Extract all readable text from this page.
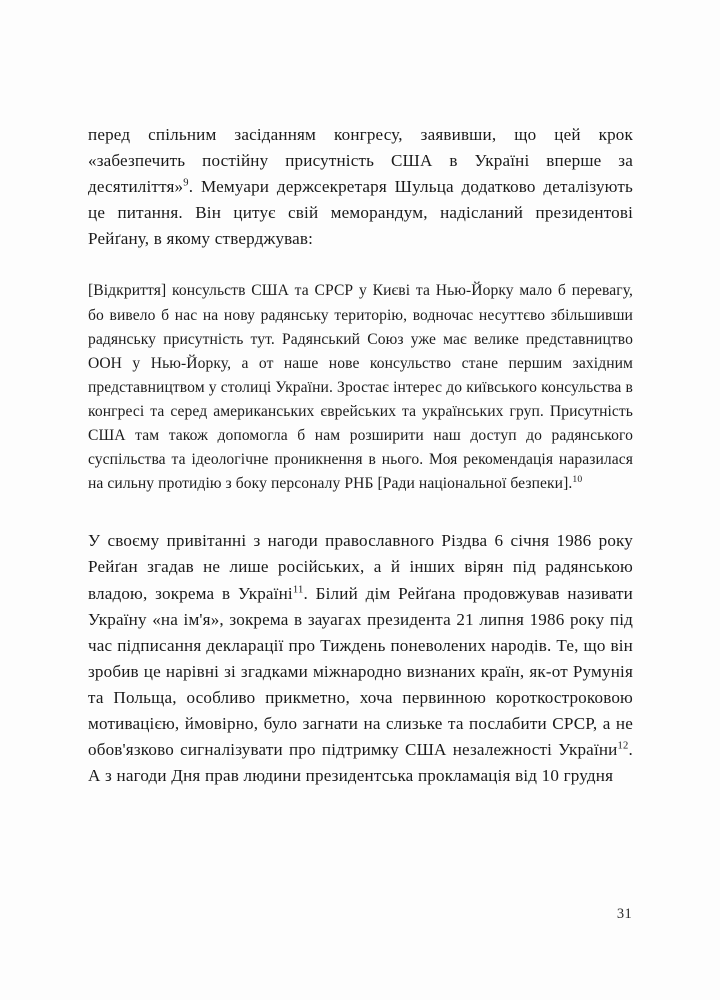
перед спільним засіданням конгресу, заявивши, що цей крок «забезпечить постійну присутність США в Україні вперше за десятиліття»$^9$. Мемуари держсекретаря Шульца додатково деталізують це питання. Він цитує свій меморандум, надісланий президентові Рейґану, в якому стверджував:

[Відкриття] консульств США та СРСР у Києві та Нью-Йорку мало б перевагу, бо вивело б нас на нову радянську територію, водночас несуттєво збільшивши радянську присутність тут. Радянський Союз уже має велике представництво ООН у Нью-Йорку, а от наше нове консульство стане першим західним представництвом у столиці України. Зростає інтерес до київського консульства в конгресі та серед американських єврейських та українських груп. Присутність США там також допомогла б нам розширити наш доступ до радянського суспільства та ідеологічне проникнення в нього. Моя рекомендація наразилася на сильну протидію з боку персоналу РНБ [Ради національної безпеки].$^{10}$

У своєму привітанні з нагоди православного Різдва 6 січня 1986 року Рейґан згадав не лише російських, а й інших вірян під радянською владою, зокрема в Україні$^{11}$. Білий дім Рейґана продовжував називати Україну «на ім'я», зокрема в зауагах президента 21 липня 1986 року під час підписання декларації про Тиждень поневолених народів. Те, що він зробив це нарівні зі згадками міжнародно визнаних країн, як-от Румунія та Польща, особливо прикметно, хоча первинною короткостроковою мотивацією, ймовірно, було загнати на слизьке та послабити СРСР, а не обов'язково сигналізувати про підтримку США незалежності України$^{12}$. А з нагоди Дня прав людини президентська прокламація від 10 грудня

31
